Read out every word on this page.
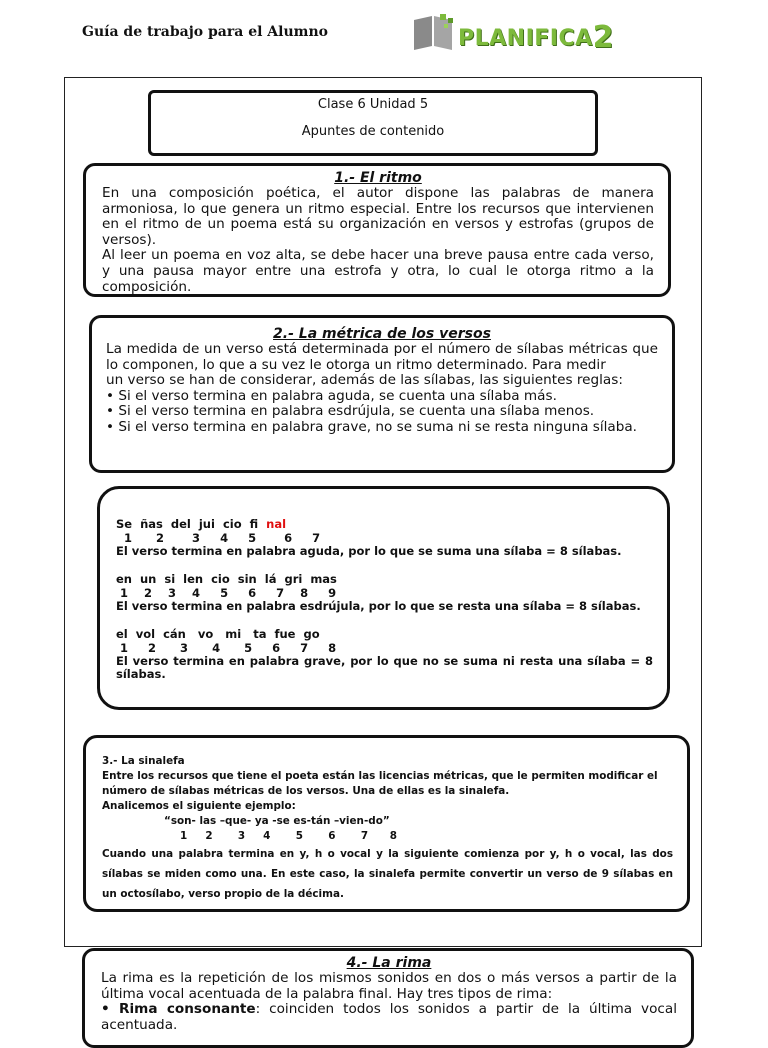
Guía de trabajo para el Alumno	PLANIFICA2
Clase 6 Unidad 5
Apuntes de contenido
1.- El ritmo
En una composición poética, el autor dispone las palabras de manera armoniosa, lo que genera un ritmo especial. Entre los recursos que intervienen en el ritmo de un poema está su organización en versos y estrofas (grupos de versos).
Al leer un poema en voz alta, se debe hacer una breve pausa entre cada verso, y una pausa mayor entre una estrofa y otra, lo cual le otorga ritmo a la composición.
2.- La métrica de los versos
La medida de un verso está determinada por el número de sílabas métricas que lo componen, lo que a su vez le otorga un ritmo determinado. Para medir
un verso se han de considerar, además de las sílabas, las siguientes reglas:
• Si el verso termina en palabra aguda, se cuenta una sílaba más.
• Si el verso termina en palabra esdrújula, se cuenta una sílaba menos.
• Si el verso termina en palabra grave, no se suma ni se resta ninguna sílaba.
Se  ñas  del  jui  cio  fi  nal
1      2       3     4     5       6     7
El verso termina en palabra aguda, por lo que se suma una sílaba = 8 sílabas.
en  un  si  len  cio  sin  lá  gri  mas
1    2    3    4     5     6     7    8     9
El verso termina en palabra esdrújula, por lo que se resta una sílaba = 8 sílabas.
el  vol  cán   vo   mi   ta  fue  go
1     2      3      4      5     6     7     8
El verso termina en palabra grave, por lo que no se suma ni resta una sílaba = 8 sílabas.
3.- La sinalefa
Entre los recursos que tiene el poeta están las licencias métricas, que le permiten modificar el número de sílabas métricas de los versos. Una de ellas es la sinalefa.
Analicemos el siguiente ejemplo:
“son- las –que- ya -se es-tán –vien-do”
1     2       3     4       5       6       7      8
Cuando una palabra termina en y, h o vocal y la siguiente comienza por y, h o vocal, las dos sílabas se miden como una. En este caso, la sinalefa permite convertir un verso de 9 sílabas en un octosílabo, verso propio de la décima.
4.- La rima
La rima es la repetición de los mismos sonidos en dos o más versos a partir de la última vocal acentuada de la palabra final. Hay tres tipos de rima:
• Rima consonante: coinciden todos los sonidos a partir de la última vocal acentuada.
